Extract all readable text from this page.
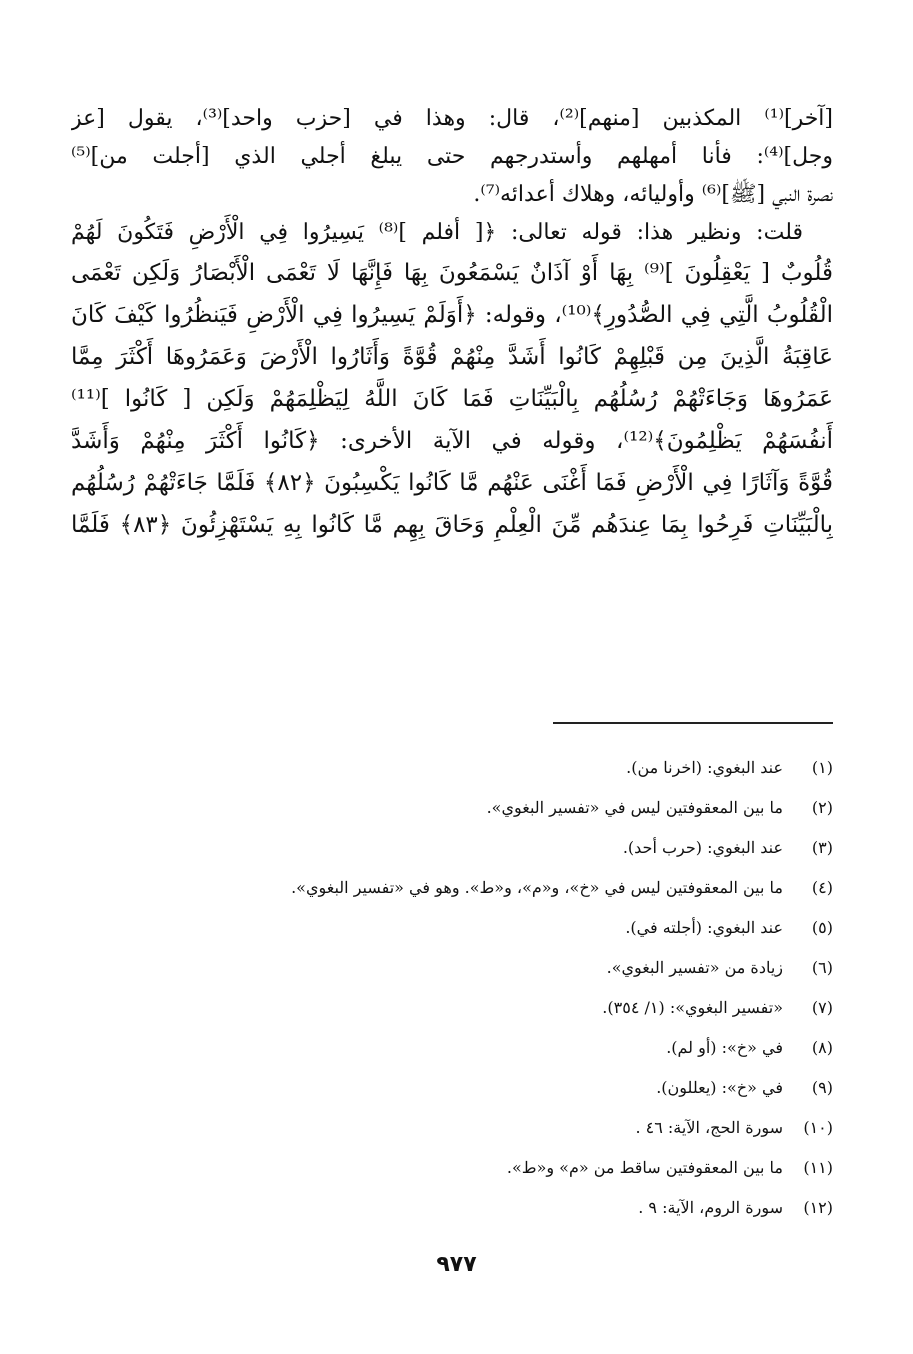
[آخر]⁽¹⁾ المكذبين [منهم]⁽²⁾، قال: وهذا في [حزب واحد]⁽³⁾، يقول [عز
وجل]⁽⁴⁾: فأنا أمهلهم وأستدرجهم حتى يبلغ أجلي الذي [أجلت من]⁽⁵⁾
نصرة النبي [ﷺ]⁽⁶⁾ وأوليائه، وهلاك أعدائه⁽⁷⁾.
قلت: ونظير هذا: قوله تعالى: ﴿[ أفلم ]⁽⁸⁾ يَسِيرُوا فِي الْأَرْضِ فَتَكُونَ لَهُمْ
قُلُوبٌ [ يَعْقِلُونَ ]⁽⁹⁾ بِهَا أَوْ آذَانٌ يَسْمَعُونَ بِهَا فَإِنَّهَا لَا تَعْمَى الْأَبْصَارُ وَلَكِن تَعْمَى
الْقُلُوبُ الَّتِي فِي الصُّدُورِ﴾⁽¹⁰⁾، وقوله: ﴿أَوَلَمْ يَسِيرُوا فِي الْأَرْضِ فَيَنظُرُوا كَيْفَ كَانَ
عَاقِبَةُ الَّذِينَ مِن قَبْلِهِمْ كَانُوا أَشَدَّ مِنْهُمْ قُوَّةً وَأَثَارُوا الْأَرْضَ وَعَمَرُوهَا أَكْثَرَ مِمَّا
عَمَرُوهَا وَجَاءَتْهُمْ رُسُلُهُم بِالْبَيِّنَاتِ فَمَا كَانَ اللَّهُ لِيَظْلِمَهُمْ وَلَكِن [ كَانُوا ]⁽¹¹⁾
أَنفُسَهُمْ يَظْلِمُونَ﴾⁽¹²⁾، وقوله في الآية الأخرى: ﴿كَانُوا أَكْثَرَ مِنْهُمْ وَأَشَدَّ
قُوَّةً وَآثَارًا فِي الْأَرْضِ فَمَا أَغْنَى عَنْهُم مَّا كَانُوا يَكْسِبُونَ ﴿٨٢﴾ فَلَمَّا جَاءَتْهُمْ رُسُلُهُم
بِالْبَيِّنَاتِ فَرِحُوا بِمَا عِندَهُم مِّنَ الْعِلْمِ وَحَاقَ بِهِم مَّا كَانُوا بِهِ يَسْتَهْزِئُونَ ﴿٨٣﴾ فَلَمَّا
(١)
عند البغوي: (اخرنا من).
(٢)
ما بين المعقوفتين ليس في «تفسير البغوي».
(٣)
عند البغوي: (حرب أحد).
(٤)
ما بين المعقوفتين ليس في «خ»، و«م»، و«ط». وهو في «تفسير البغوي».
(٥)
عند البغوي: (أجلته في).
(٦)
زيادة من «تفسير البغوي».
(٧)
«تفسير البغوي»: (١/ ٣٥٤).
(٨)
في «خ»: (أو لم).
(٩)
في «خ»: (يعللون).
(١٠)
سورة الحج، الآية: ٤٦ .
(١١)
ما بين المعقوفتين ساقط من «م» و«ط».
(١٢)
سورة الروم، الآية: ٩ .
٩٧٧
